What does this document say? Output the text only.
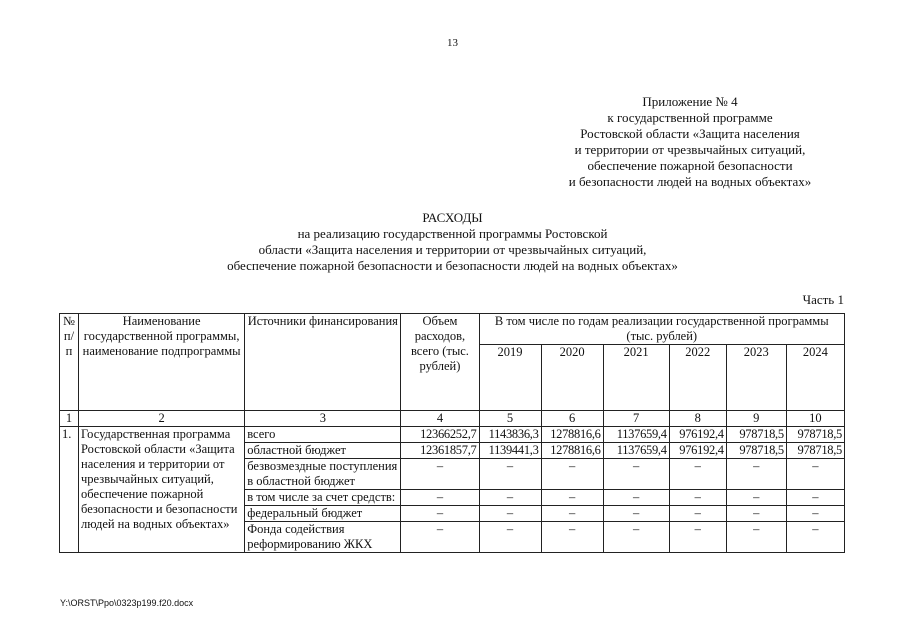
13
Приложение № 4
к государственной программе
Ростовской области «Защита населения
и территории от чрезвычайных ситуаций,
обеспечение пожарной безопасности
и безопасности людей на водных объектах»
РАСХОДЫ
на реализацию государственной программы Ростовской
области «Защита населения и территории от чрезвычайных ситуаций,
обеспечение пожарной безопасности и безопасности людей на водных объектах»
Часть 1
№ п/п	Наименование государственной программы, наименование подпрограммы	Источники финансирования	Объем расходов, всего (тыс. рублей)	В том числе по годам реализации государственной программы (тыс. рублей)					
				2019	2020	2021	2022	2023	2024
1	2	3	4	5	6	7	8	9	10
1.	Государственная программа Ростовской области «Защита населения и территории от чрезвычайных ситуаций, обеспечение пожарной безопасности и безопасности людей на водных объектах»	всего	12366252,7	1143836,3	1278816,6	1137659,4	976192,4	978718,5	978718,5
		областной бюджет	12361857,7	1139441,3	1278816,6	1137659,4	976192,4	978718,5	978718,5
		безвозмездные поступления в областной бюджет	–	–	–	–	–	–	–
		в том числе за счет средств:	–	–	–	–	–	–	–
		федеральный бюджет	–	–	–	–	–	–	–
		Фонда содействия реформированию ЖКХ	–	–	–	–	–	–	–
Y:\ORST\Ppo\0323p199.f20.docx
